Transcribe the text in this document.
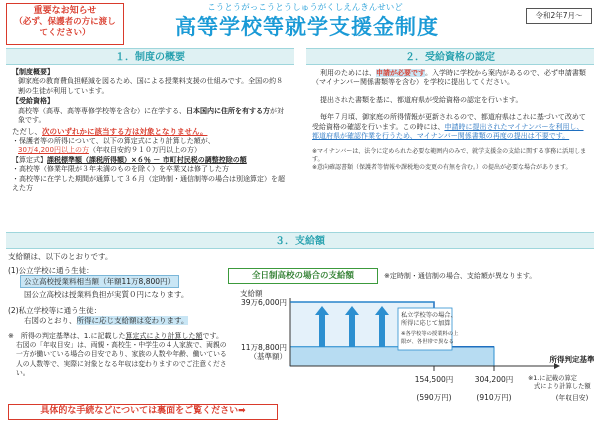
重要なお知らせ
（必ず、保護者の方に渡してください）
こうとうがっこうとうしゅうがくしえんきんせいど
高等学校等就学支援金制度	令和2年7月～
１．制度の概要
【制度概要】
御家庭の教育費負担軽減を図るため、国による授業料支援の仕組みです。全国の約８割の生徒が利用しています。
【受給資格】
高校等（高専、高等専修学校等を含む）に在学する、日本国内に住所を有する方が対象です。
ただし、次のいずれかに該当する方は対象となりません。
・保護者等の所得について、以下の算定式により計算した額が、
30万4,200円以上の方（年収目安約９１０万円以上の方）
【算定式】課税標準額（課税所得額）×６％ － 市町村民税の調整控除の額
・高校等（修業年限が３年未満のものを除く）を卒業又は修了した方
・高校等に在学した期間が通算して３６月（定時制・通信制等の場合は別途算定）を超えた方
２．受給資格の認定
利用のためには、申請が必要です。入学時に学校から案内があるので、必ず申請書類（マイナンバー関係書類等を含む）を学校に提出してください。
提出された書類を基に、都道府県が受給資格の認定を行います。
毎年７月頃、御家庭の所得情報が更新されるので、都道府県はこれに基づいて改めて受給資格の確認を行います。この時には、申請時に提出されたマイナンバーを利用し、都道府県が確認作業を行うため、マイナンバー関係書類の再度の提出は不要です。
※マイナンバーは、法令に定められた必要な範囲内のみで、就学支援金の支給に関する事務に活用します。
※意向確認書類（保護者等情報や課税地の変更の有無を含む。）の提出が必要な場合があります。
３．支給額
支給額は、以下のとおりです。
(1)公立学校に通う生徒：
公立高校授業料相当額（年額11万8,800円）
国公立高校は授業料負担が実質０円になります。
(2)私立学校等に通う生徒：
右図のとおり、所得に応じ支給額は変わります。
※　所得の判定基準は、1.に記載した算定式により計算した額です。
右図の「年収目安」は、両親・高校生・中学生の４人家族で、両親の一方が働いている場合の目安であり、家族の人数や年齢、働いている人の人数等で、実際に対象となる年収は変わりますのでご注意ください。
全日制高校の場合の支給額	※定時制・通信制の場合、支給額が異なります。
支給額
39万6,000円
11万8,800円
（基準額）
私立学校等の場合、
所得に応じて加算
※各学校等の授業料の上
限が、各世帯で異なる
154,500円	304,200円
(590万円)	(910万円)
所得判定基準
※1.に記載の算定
式により計算した額
(年収目安)
具体的な手続などについては裏面をご覧ください➡
